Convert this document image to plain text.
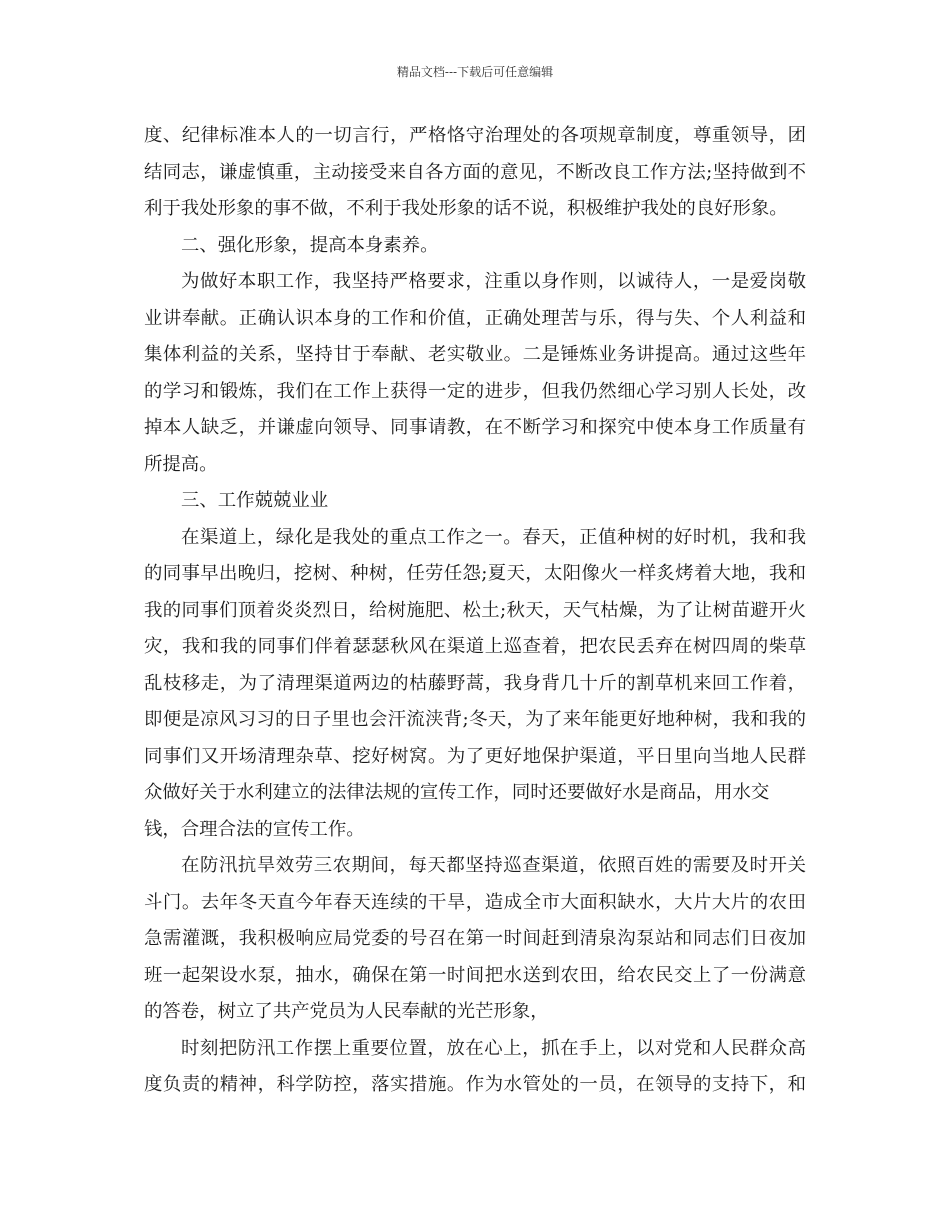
精品文档---下载后可任意编辑
度、纪律标准本人的一切言行，严格恪守治理处的各项规章制度，尊重领导，团
结同志，谦虚慎重，主动接受来自各方面的意见，不断改良工作方法;坚持做到不
利于我处形象的事不做，不利于我处形象的话不说，积极维护我处的良好形象。
二、强化形象，提高本身素养。
为做好本职工作，我坚持严格要求，注重以身作则，以诚待人，一是爱岗敬
业讲奉献。正确认识本身的工作和价值，正确处理苦与乐，得与失、个人利益和
集体利益的关系，坚持甘于奉献、老实敬业。二是锤炼业务讲提高。通过这些年
的学习和锻炼，我们在工作上获得一定的进步，但我仍然细心学习别人长处，改
掉本人缺乏，并谦虚向领导、同事请教，在不断学习和探究中使本身工作质量有
所提高。
三、工作兢兢业业
在渠道上，绿化是我处的重点工作之一。春天，正值种树的好时机，我和我
的同事早出晚归，挖树、种树，任劳任怨;夏天，太阳像火一样炙烤着大地，我和
我的同事们顶着炎炎烈日，给树施肥、松土;秋天，天气枯燥，为了让树苗避开火
灾，我和我的同事们伴着瑟瑟秋风在渠道上巡查着，把农民丢弃在树四周的柴草
乱枝移走，为了清理渠道两边的枯藤野蒿，我身背几十斤的割草机来回工作着，
即便是凉风习习的日子里也会汗流浃背;冬天，为了来年能更好地种树，我和我的
同事们又开场清理杂草、挖好树窝。为了更好地保护渠道，平日里向当地人民群
众做好关于水利建立的法律法规的宣传工作，同时还要做好水是商品，用水交
钱，合理合法的宣传工作。
在防汛抗旱效劳三农期间，每天都坚持巡查渠道，依照百姓的需要及时开关
斗门。去年冬天直今年春天连续的干旱，造成全市大面积缺水，大片大片的农田
急需灌溉，我积极响应局党委的号召在第一时间赶到清泉沟泵站和同志们日夜加
班一起架设水泵，抽水，确保在第一时间把水送到农田，给农民交上了一份满意
的答卷，树立了共产党员为人民奉献的光芒形象，
时刻把防汛工作摆上重要位置，放在心上，抓在手上，以对党和人民群众高
度负责的精神，科学防控，落实措施。作为水管处的一员，在领导的支持下，和
